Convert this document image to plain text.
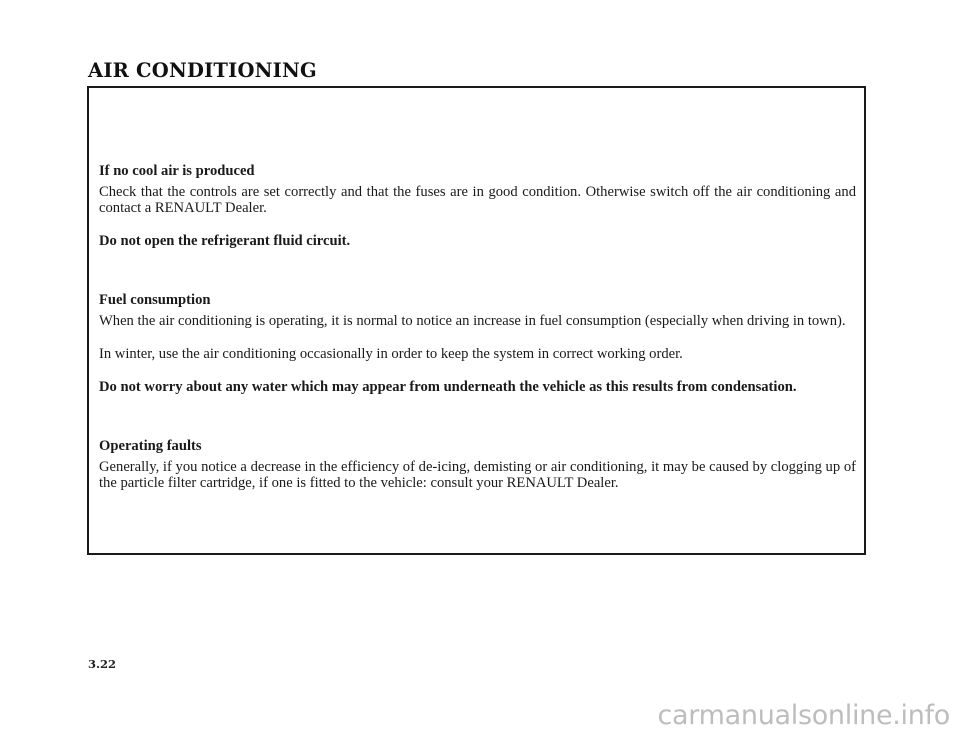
AIR CONDITIONING

If no cool air is produced

Check that the controls are set correctly and that the fuses are in good condition. Otherwise switch off the air conditioning and contact a RENAULT Dealer.

Do not open the refrigerant fluid circuit.

Fuel consumption

When the air conditioning is operating, it is normal to notice an increase in fuel consumption (especially when driving in town).

In winter, use the air conditioning occasionally in order to keep the system in correct working order.

Do not worry about any water which may appear from underneath the vehicle as this results from condensation.

Operating faults

Generally, if you notice a decrease in the efficiency of de-icing, demisting or air conditioning, it may be caused by clogging up of the particle filter cartridge, if one is fitted to the vehicle: consult your RENAULT Dealer.

3.22

carmanualsonline.info
